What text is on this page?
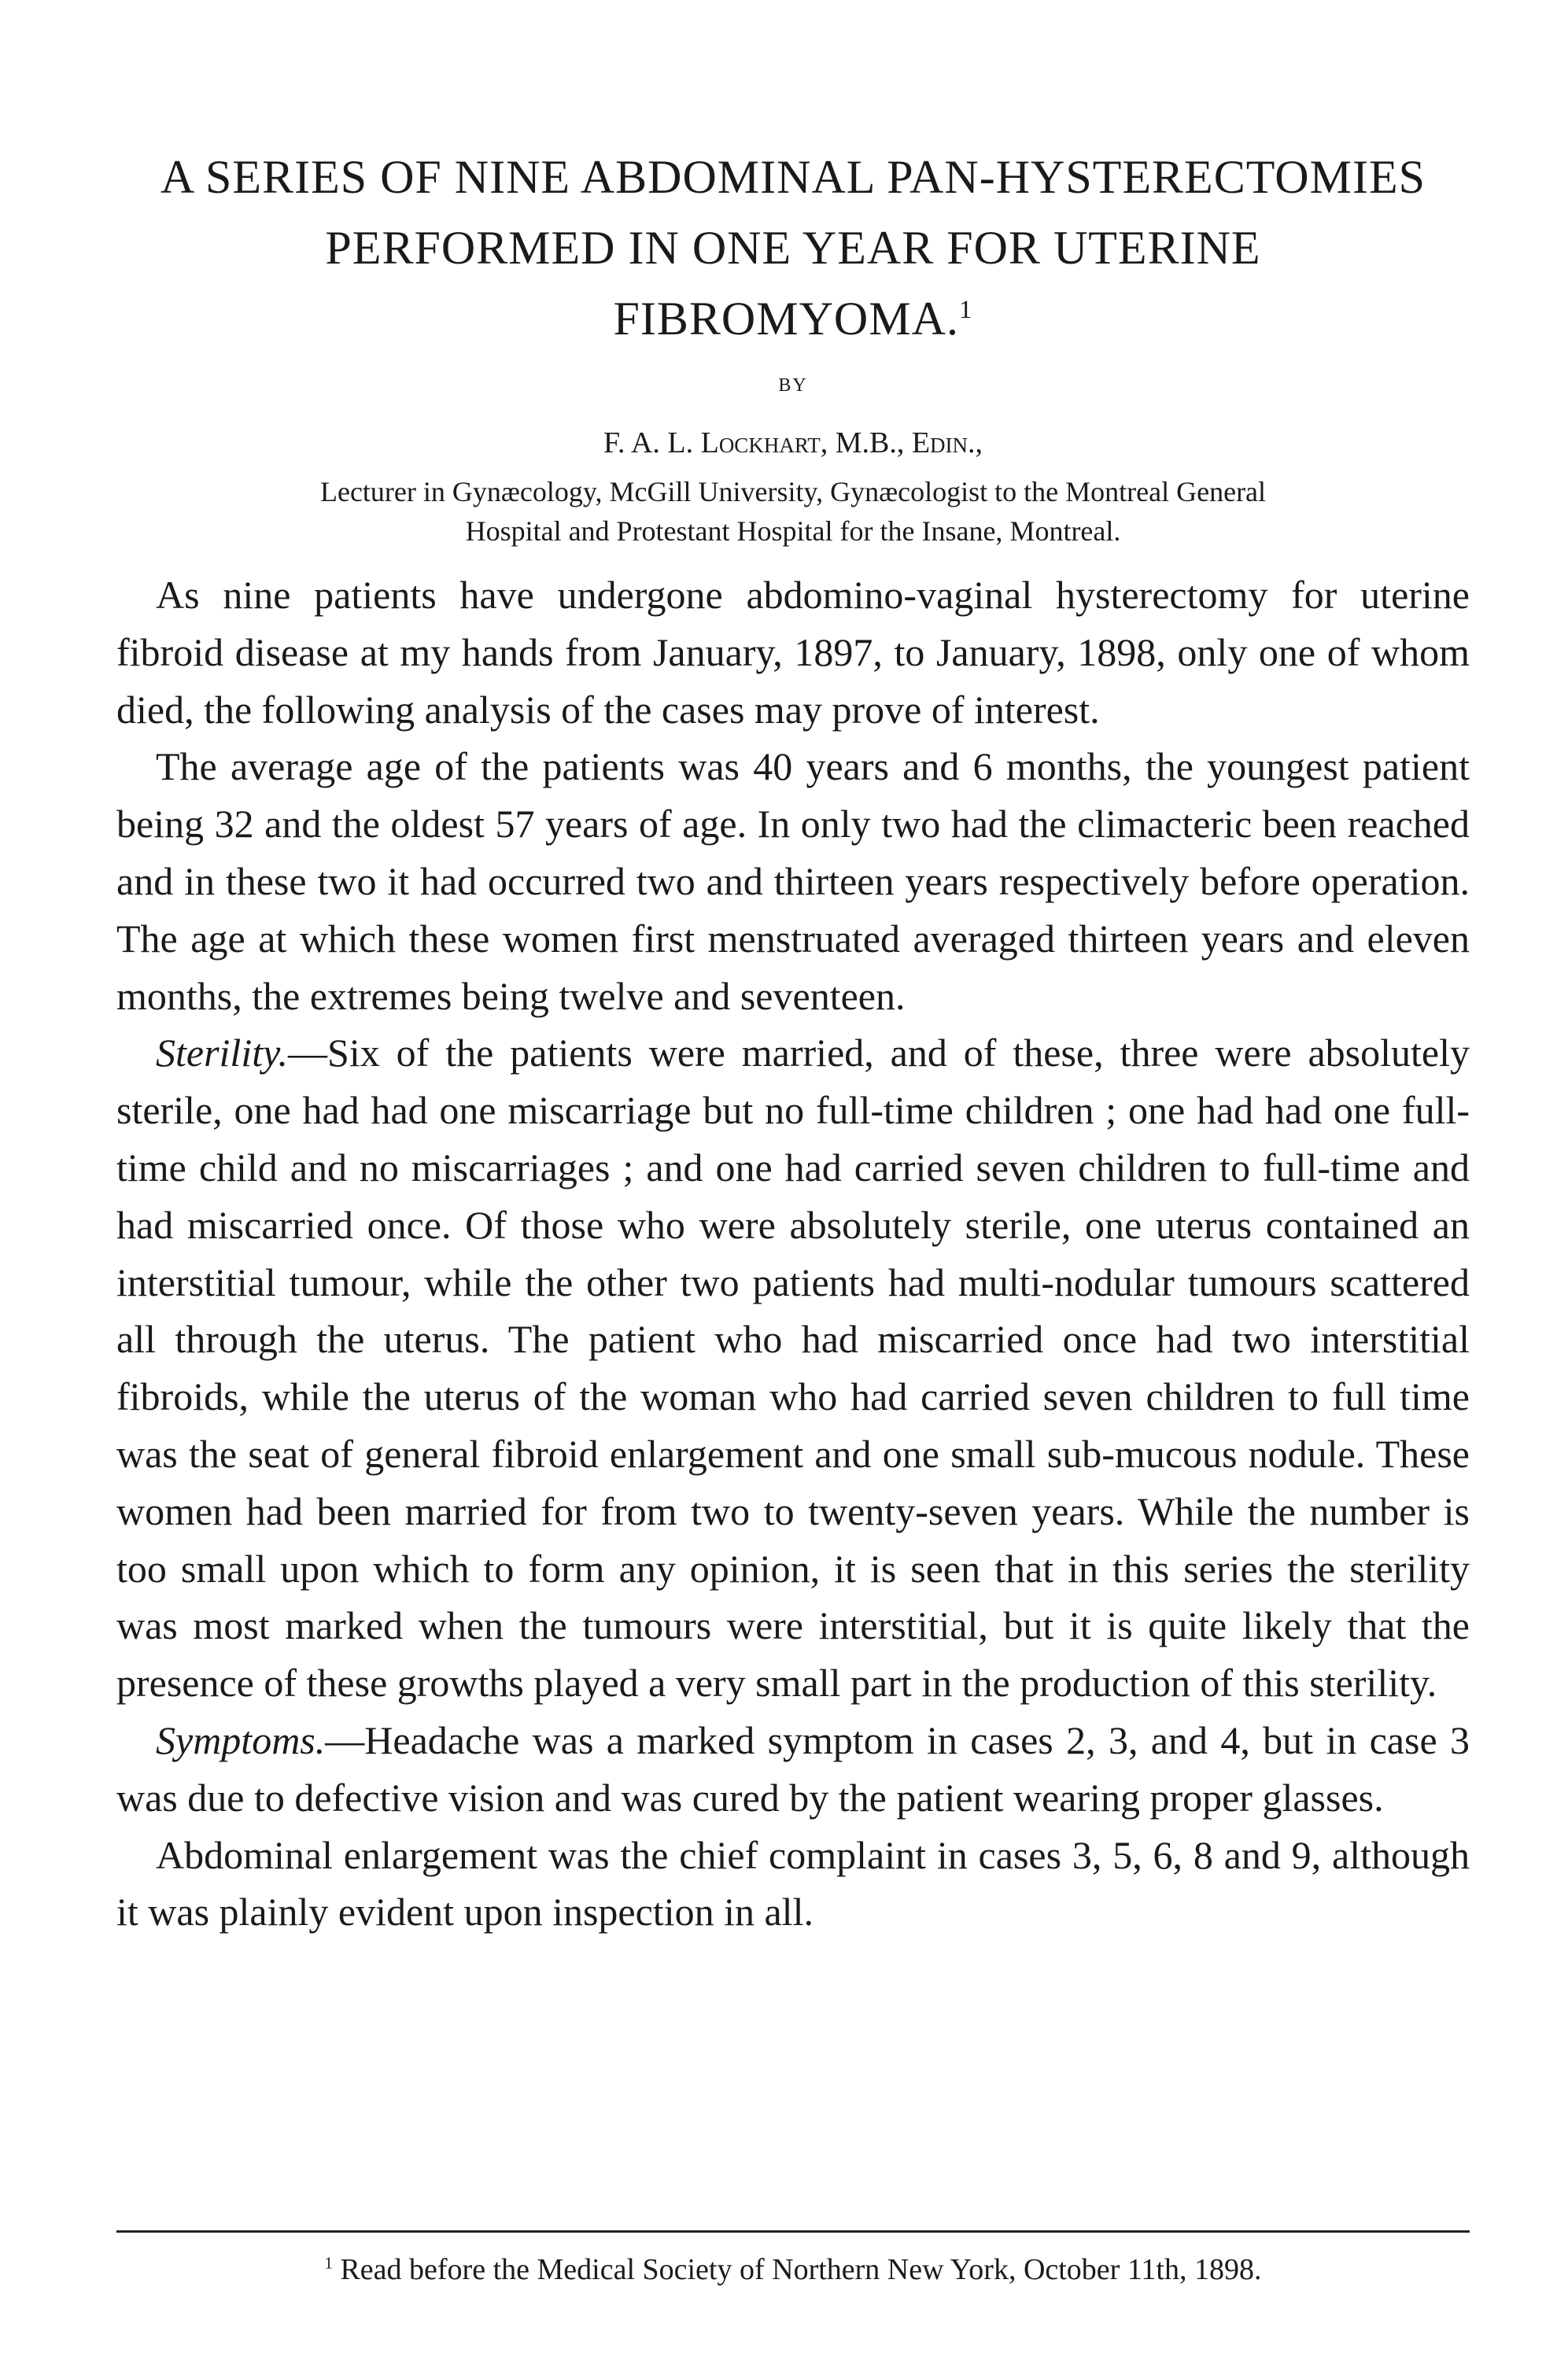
A SERIES OF NINE ABDOMINAL PAN-HYSTERECTOMIES
PERFORMED IN ONE YEAR FOR UTERINE
FIBROMYOMA.$^1$
BY
F. A. L. Lockhart, M.B., Edin.,
Lecturer in Gynæcology, McGill University, Gynæcologist to the Montreal General
Hospital and Protestant Hospital for the Insane, Montreal.

As nine patients have undergone abdomino-vaginal hysterectomy for uterine fibroid disease at my hands from January, 1897, to January, 1898, only one of whom died, the following analysis of the cases may prove of interest.

The average age of the patients was 40 years and 6 months, the youngest patient being 32 and the oldest 57 years of age. In only two had the climacteric been reached and in these two it had occurred two and thirteen years respectively before operation. The age at which these women first menstruated averaged thirteen years and eleven months, the extremes being twelve and seventeen.

Sterility.—Six of the patients were married, and of these, three were absolutely sterile, one had had one miscarriage but no full-time children ; one had had one full-time child and no miscarriages ; and one had carried seven children to full-time and had miscarried once. Of those who were absolutely sterile, one uterus contained an interstitial tumour, while the other two patients had multi-nodular tumours scattered all through the uterus. The patient who had miscarried once had two interstitial fibroids, while the uterus of the woman who had carried seven children to full time was the seat of general fibroid enlargement and one small sub-mucous nodule. These women had been married for from two to twenty-seven years. While the number is too small upon which to form any opinion, it is seen that in this series the sterility was most marked when the tumours were interstitial, but it is quite likely that the presence of these growths played a very small part in the production of this sterility.

Symptoms.—Headache was a marked symptom in cases 2, 3, and 4, but in case 3 was due to defective vision and was cured by the patient wearing proper glasses.

Abdominal enlargement was the chief complaint in cases 3, 5, 6, 8 and 9, although it was plainly evident upon inspection in all.

$^1$ Read before the Medical Society of Northern New York, October 11th, 1898.
